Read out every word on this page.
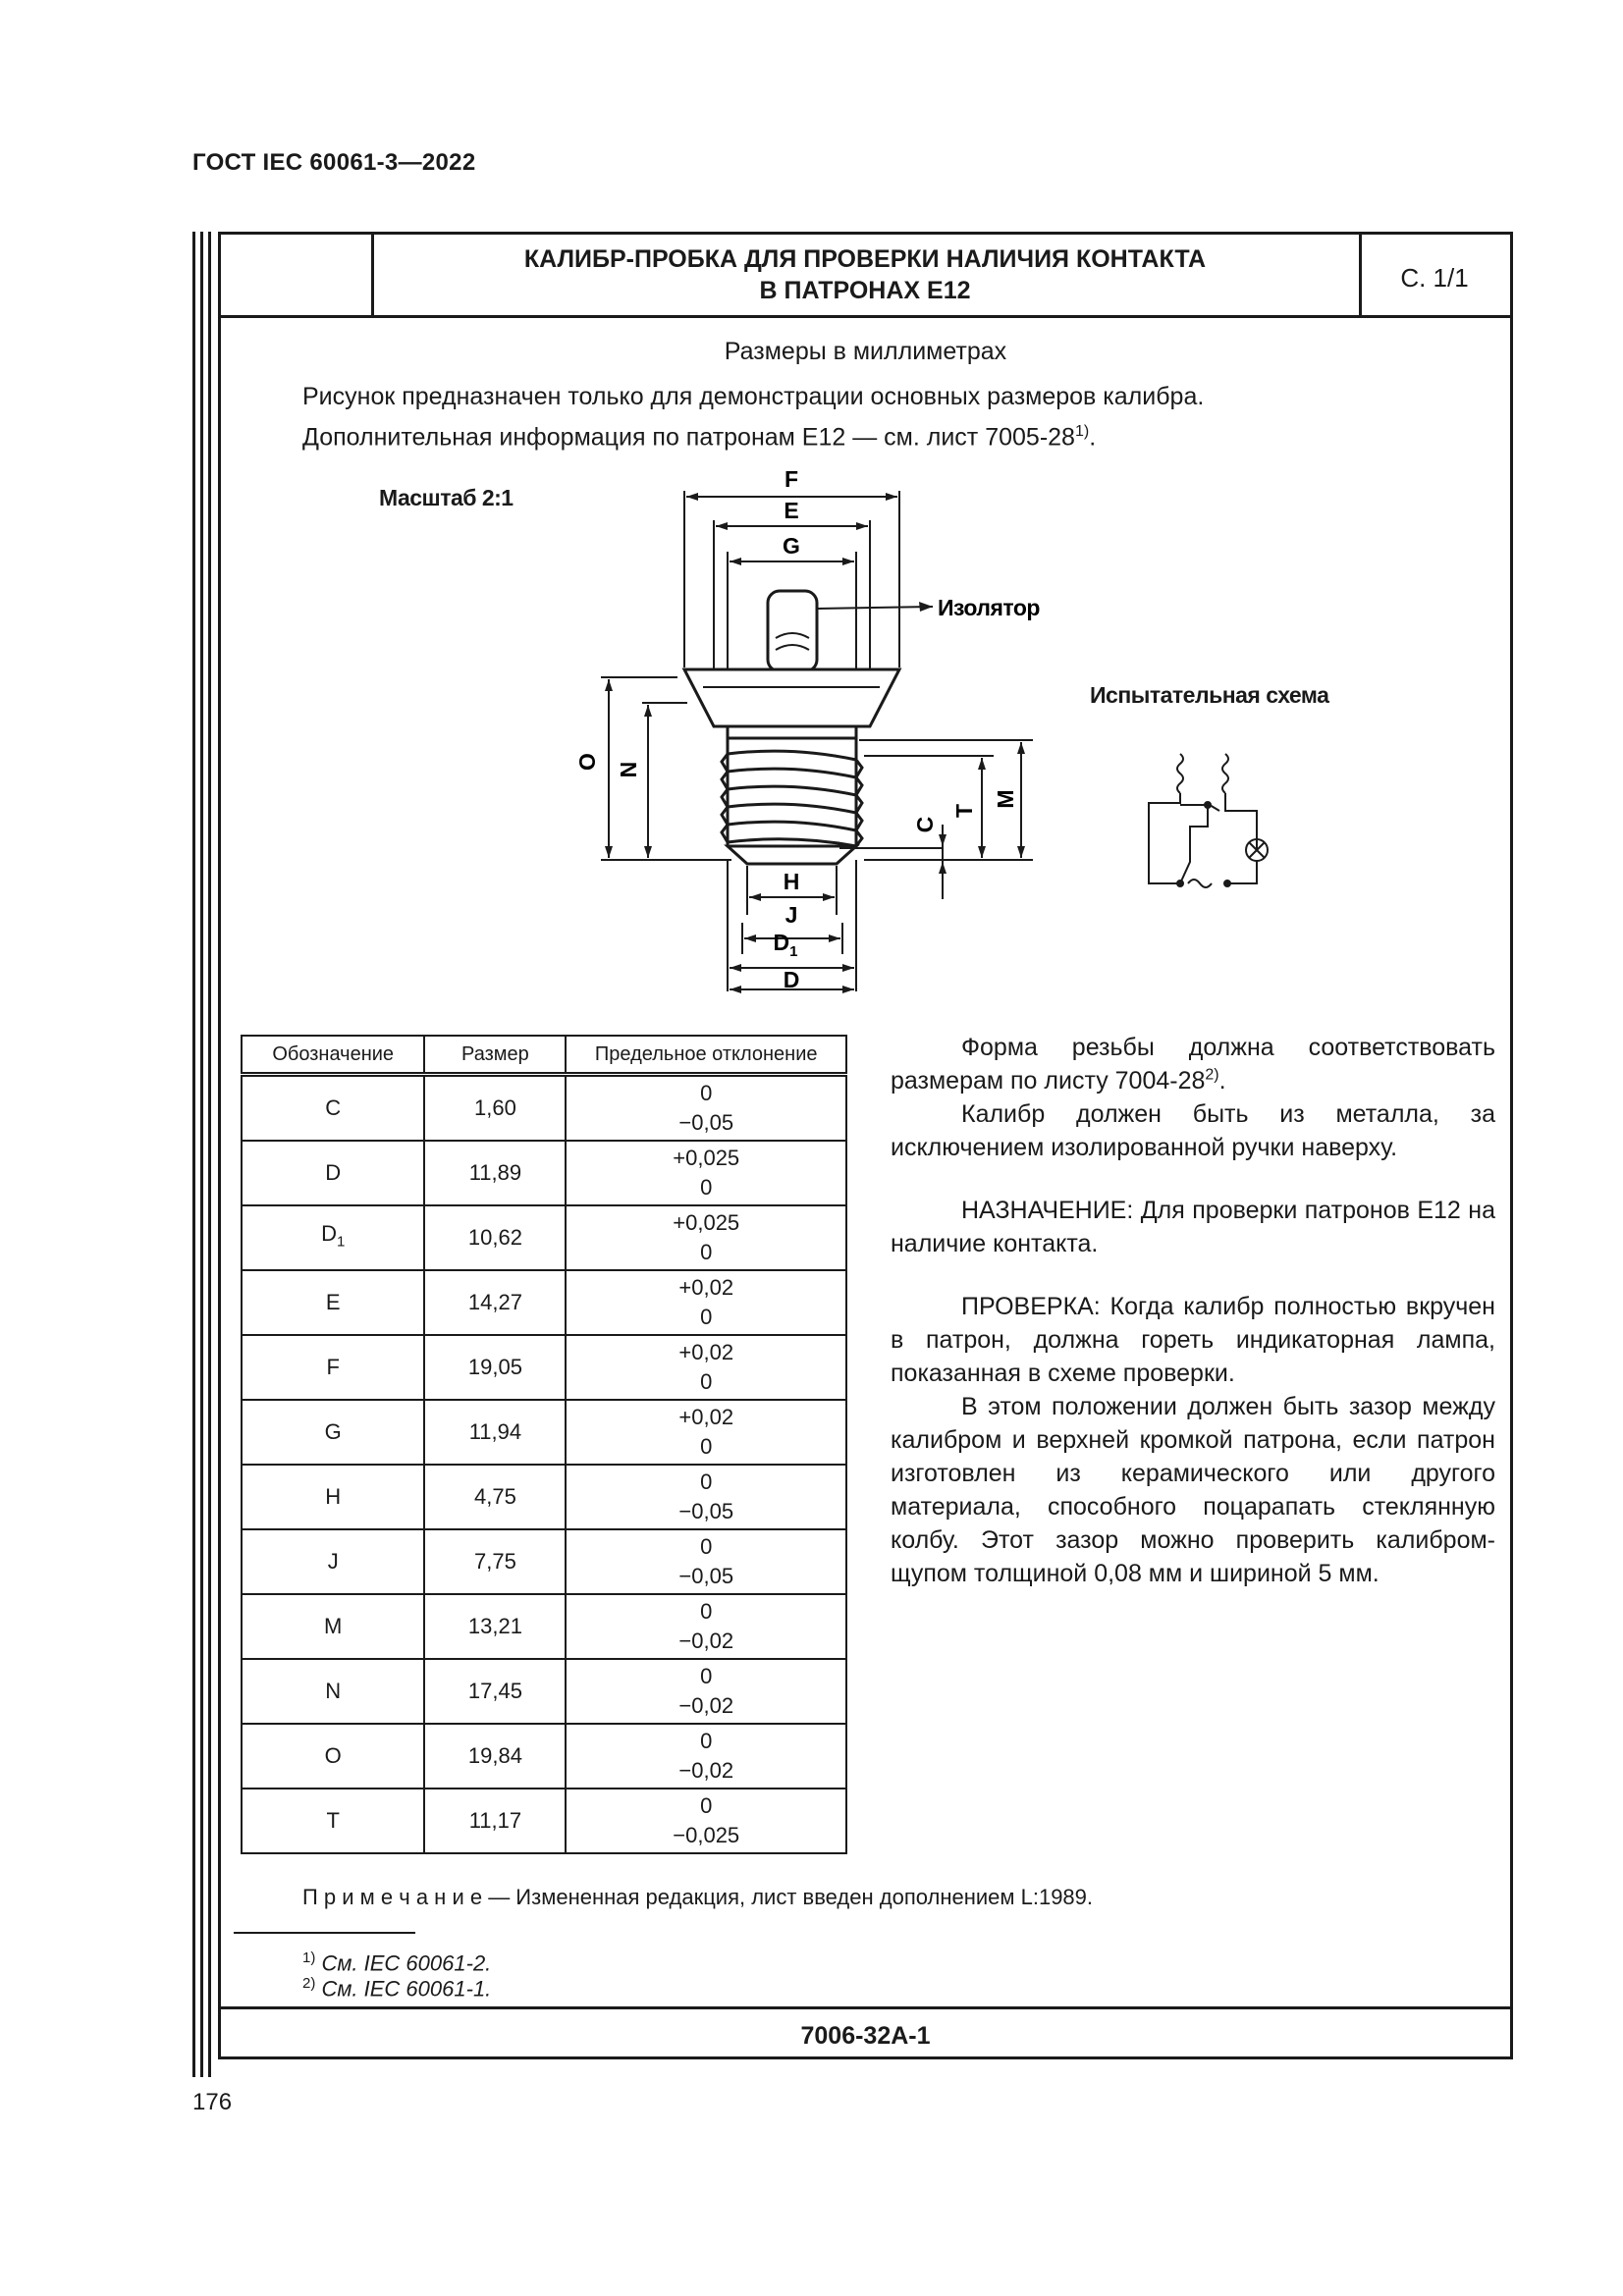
ГОСТ IEC 60061-3—2022
КАЛИБР-ПРОБКА ДЛЯ ПРОВЕРКИ НАЛИЧИЯ КОНТАКТА
В ПАТРОНАХ Е12	С. 1/1
Размеры в миллиметрах
Рисунок предназначен только для демонстрации основных размеров калибра.
Дополнительная информация по патронам Е12 — см. лист 7005-28$^{1)}$.
Масштаб 2:1
F
E
G
Изолятор
O N
C
T
M
H
J
$D_1$
D
Испытательная схема
Обозначение	Размер	Предельное отклонение
C	1,60	0
−0,05

D	11,89	+0,025
0

$D_1$	10,62	+0,025
0

E	14,27	+0,02
0

F	19,05	+0,02
0

G	11,94	+0,02
0

H	4,75	0
−0,05

J	7,75	0
−0,05

M	13,21	0
−0,02

N	17,45	0
−0,02

O	19,84	0
−0,02

T	11,17	0
−0,025

Форма резьбы должна соответствовать размерам по листу 7004-28$^{2)}$.

Калибр должен быть из металла, за исключением изолированной ручки наверху.

НАЗНАЧЕНИЕ: Для проверки патронов Е12 на наличие контакта.

ПРОВЕРКА: Когда калибр полностью вкручен в патрон, должна гореть индикаторная лампа, показанная в схеме проверки.

В этом положении должен быть зазор между калибром и верхней кромкой патрона, если патрон изготовлен из керамического или другого материала, способного поцарапать стеклянную колбу. Этот зазор можно проверить калибром-щупом толщиной 0,08 мм и шириной 5 мм.

П р и м е ч а н и е — Измененная редакция, лист введен дополнением L:1989.
$^{1)}$ См. IEC 60061-2.
$^{2)}$ См. IEC 60061-1.
7006-32A-1
176
